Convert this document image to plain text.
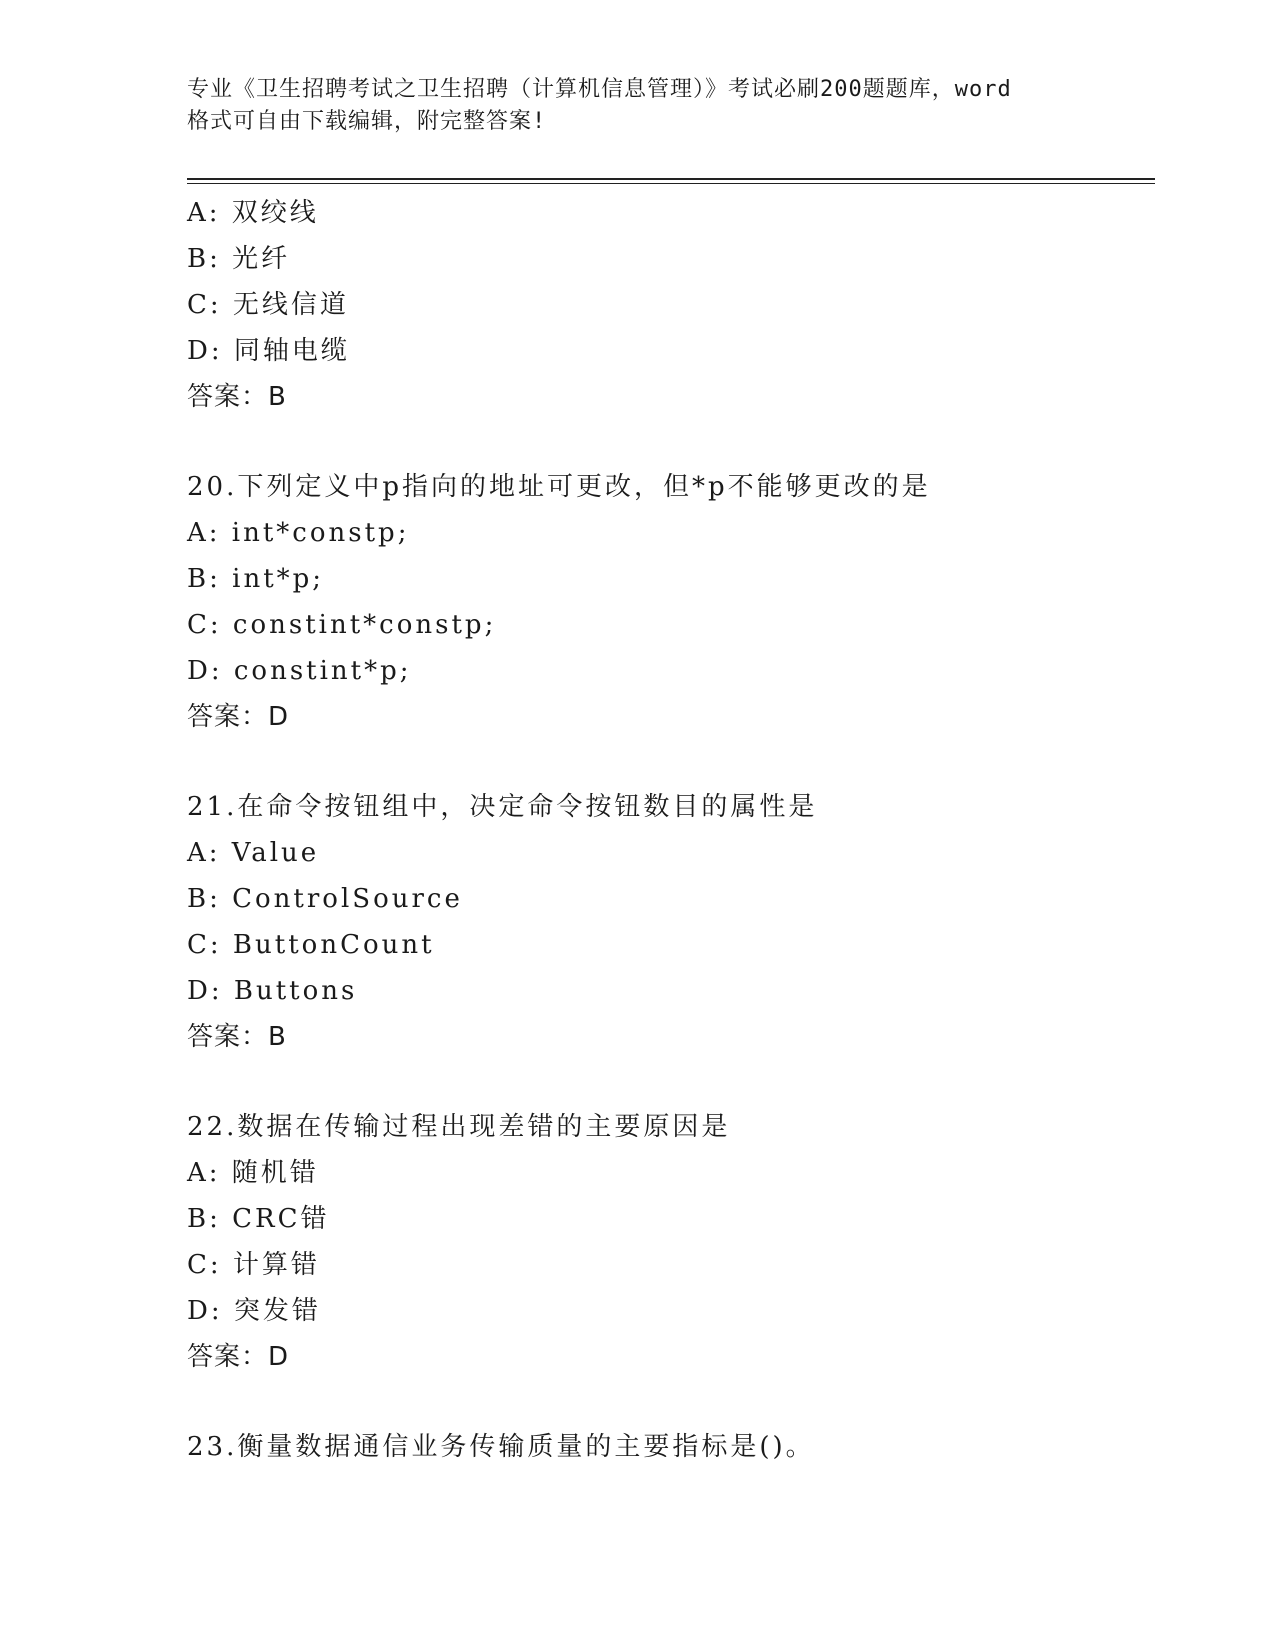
专业《卫生招聘考试之卫生招聘（计算机信息管理）》考试必刷200题题库，word
格式可自由下载编辑，附完整答案!
A: 双绞线
B: 光纤
C: 无线信道
D: 同轴电缆
答案：B
20.下列定义中p指向的地址可更改，但*p不能够更改的是
A: int*constp;
B: int*p;
C: constint*constp;
D: constint*p;
答案：D
21.在命令按钮组中，决定命令按钮数目的属性是
A: Value
B: ControlSource
C: ButtonCount
D: Buttons
答案：B
22.数据在传输过程出现差错的主要原因是
A: 随机错
B: CRC错
C: 计算错
D: 突发错
答案：D
23.衡量数据通信业务传输质量的主要指标是()。
